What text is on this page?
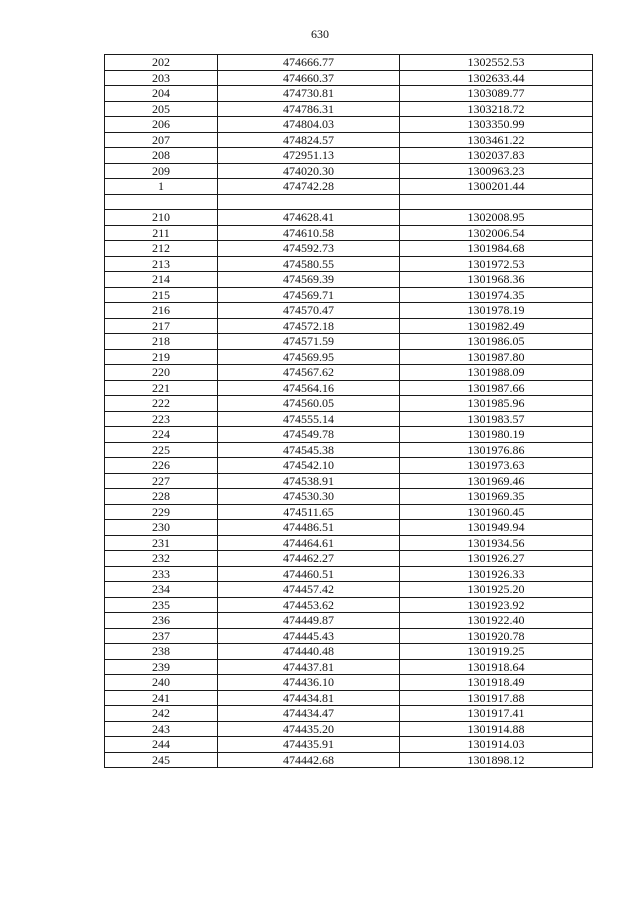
630
202	474666.77	1302552.53
203	474660.37	1302633.44
204	474730.81	1303089.77
205	474786.31	1303218.72
206	474804.03	1303350.99
207	474824.57	1303461.22
208	472951.13	1302037.83
209	474020.30	1300963.23
1	474742.28	1300201.44

210	474628.41	1302008.95
211	474610.58	1302006.54
212	474592.73	1301984.68
213	474580.55	1301972.53
214	474569.39	1301968.36
215	474569.71	1301974.35
216	474570.47	1301978.19
217	474572.18	1301982.49
218	474571.59	1301986.05
219	474569.95	1301987.80
220	474567.62	1301988.09
221	474564.16	1301987.66
222	474560.05	1301985.96
223	474555.14	1301983.57
224	474549.78	1301980.19
225	474545.38	1301976.86
226	474542.10	1301973.63
227	474538.91	1301969.46
228	474530.30	1301969.35
229	474511.65	1301960.45
230	474486.51	1301949.94
231	474464.61	1301934.56
232	474462.27	1301926.27
233	474460.51	1301926.33
234	474457.42	1301925.20
235	474453.62	1301923.92
236	474449.87	1301922.40
237	474445.43	1301920.78
238	474440.48	1301919.25
239	474437.81	1301918.64
240	474436.10	1301918.49
241	474434.81	1301917.88
242	474434.47	1301917.41
243	474435.20	1301914.88
244	474435.91	1301914.03
245	474442.68	1301898.12
